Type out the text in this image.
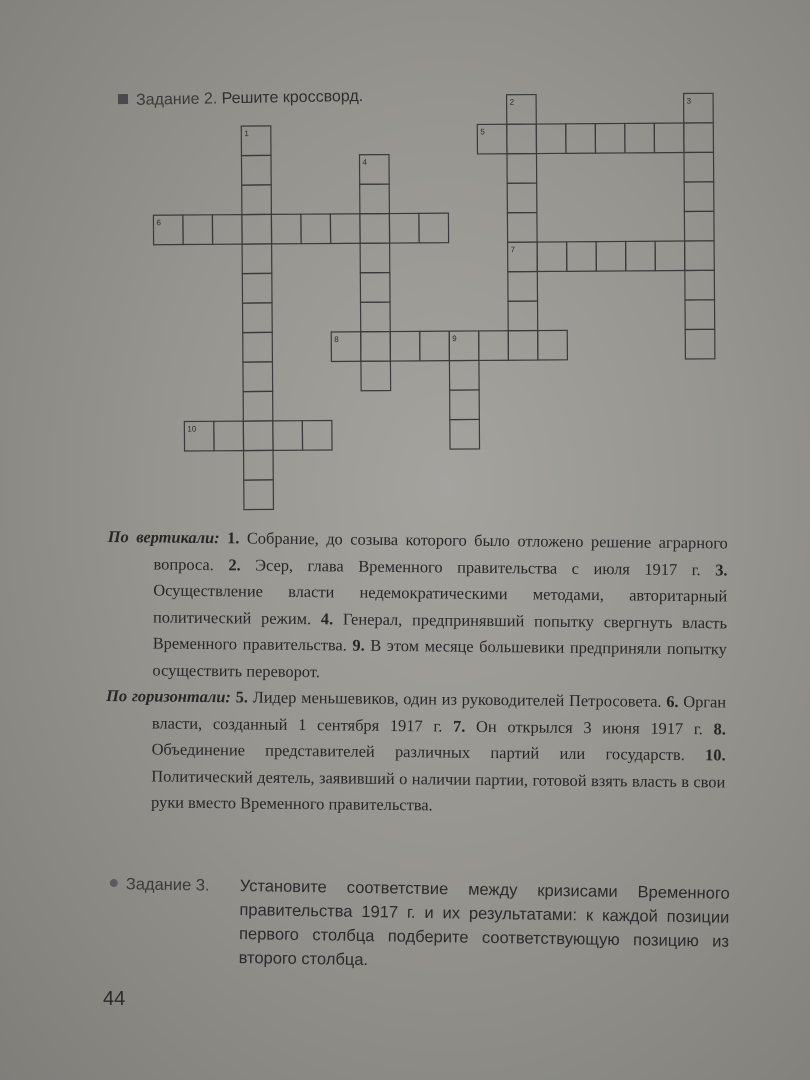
Задание 2. Решите кроссворд.
1
2	3
4
5
6
7
8	9
10

По вертикали: 1. Собрание, до созыва которого было отложено решение аграрного вопроса. 2. Эсер, глава Временного правительства с июля 1917 г. 3. Осуществление власти недемократическими методами, авторитарный политический режим. 4. Генерал, предпринявший попытку свергнуть власть Временного правительства. 9. В этом месяце большевики предприняли попытку осуществить переворот.

По горизонтали: 5. Лидер меньшевиков, один из руководителей Петросовета. 6. Орган власти, созданный 1 сентября 1917 г. 7. Он открылся 3 июня 1917 г. 8. Объединение представителей различных партий или государств. 10. Политический деятель, заявивший о наличии партии, готовой взять власть в свои руки вместо Временного правительства.

Задание 3. Установите соответствие между кризисами Временного правительства 1917 г. и их результатами: к каждой позиции первого столбца подберите соответствующую позицию из второго столбца.
44
